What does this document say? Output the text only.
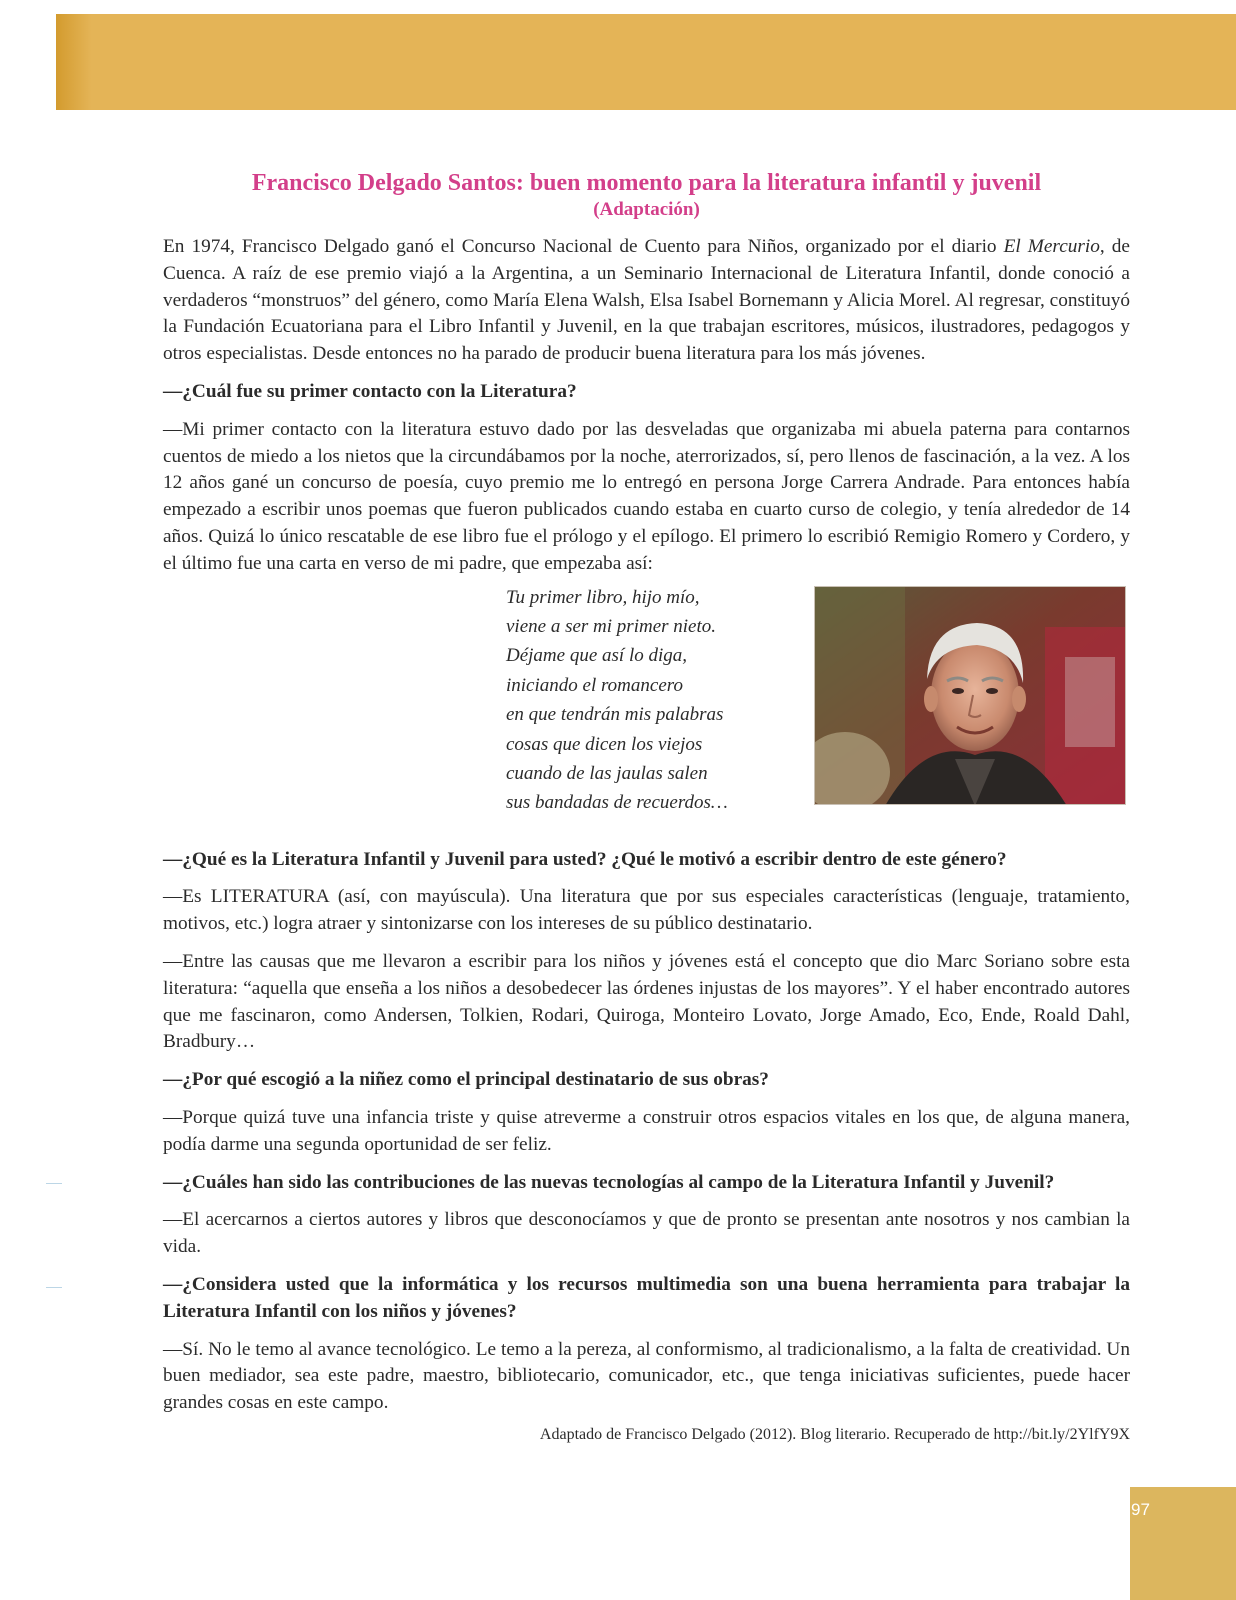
Francisco Delgado Santos: buen momento para la literatura infantil y juvenil
(Adaptación)

En 1974, Francisco Delgado ganó el Concurso Nacional de Cuento para Niños, organizado por el diario El Mercurio, de Cuenca. A raíz de ese premio viajó a la Argentina, a un Seminario Internacional de Literatura Infantil, donde conoció a verdaderos “monstruos” del género, como María Elena Walsh, Elsa Isabel Bornemann y Alicia Morel. Al regresar, constituyó la Fundación Ecuatoriana para el Libro Infantil y Juvenil, en la que trabajan escritores, músicos, ilustradores, pedagogos y otros especialistas. Desde entonces no ha parado de producir buena literatura para los más jóvenes.

—¿Cuál fue su primer contacto con la Literatura?

—Mi primer contacto con la literatura estuvo dado por las desveladas que organizaba mi abuela paterna para contarnos cuentos de miedo a los nietos que la circundábamos por la noche, aterrorizados, sí, pero llenos de fascinación, a la vez. A los 12 años gané un concurso de poesía, cuyo premio me lo entregó en persona Jorge Carrera Andrade. Para entonces había empezado a escribir unos poemas que fueron publicados cuando estaba en cuarto curso de colegio, y tenía alrededor de 14 años. Quizá lo único rescatable de ese libro fue el prólogo y el epílogo. El primero lo escribió Remigio Romero y Cordero, y el último fue una carta en verso de mi padre, que empezaba así:

Tu primer libro, hijo mío,
viene a ser mi primer nieto.
Déjame que así lo diga,
iniciando el romancero
en que tendrán mis palabras
cosas que dicen los viejos
cuando de las jaulas salen
sus bandadas de recuerdos…

—¿Qué es la Literatura Infantil y Juvenil para usted? ¿Qué le motivó a escribir dentro de este género?

—Es LITERATURA (así, con mayúscula). Una literatura que por sus especiales características (lenguaje, tratamiento, motivos, etc.) logra atraer y sintonizarse con los intereses de su público destinatario.

—Entre las causas que me llevaron a escribir para los niños y jóvenes está el concepto que dio Marc Soriano sobre esta literatura: “aquella que enseña a los niños a desobedecer las órdenes injustas de los mayores”. Y el haber encontrado autores que me fascinaron, como Andersen, Tolkien, Rodari, Quiroga, Monteiro Lovato, Jorge Amado, Eco, Ende, Roald Dahl, Bradbury…

—¿Por qué escogió a la niñez como el principal destinatario de sus obras?

—Porque quizá tuve una infancia triste y quise atreverme a construir otros espacios vitales en los que, de alguna manera, podía darme una segunda oportunidad de ser feliz.

—¿Cuáles han sido las contribuciones de las nuevas tecnologías al campo de la Literatura Infantil y Juvenil?

—El acercarnos a ciertos autores y libros que desconocíamos y que de pronto se presentan ante nosotros y nos cambian la vida.

—¿Considera usted que la informática y los recursos multimedia son una buena herramienta para trabajar la Literatura Infantil con los niños y jóvenes?

—Sí. No le temo al avance tecnológico. Le temo a la pereza, al conformismo, al tradicionalismo, a la falta de creatividad. Un buen mediador, sea este padre, maestro, bibliotecario, comunicador, etc., que tenga iniciativas suficientes, puede hacer grandes cosas en este campo.

Adaptado de Francisco Delgado (2012). Blog literario. Recuperado de http://bit.ly/2YlfY9X

97
